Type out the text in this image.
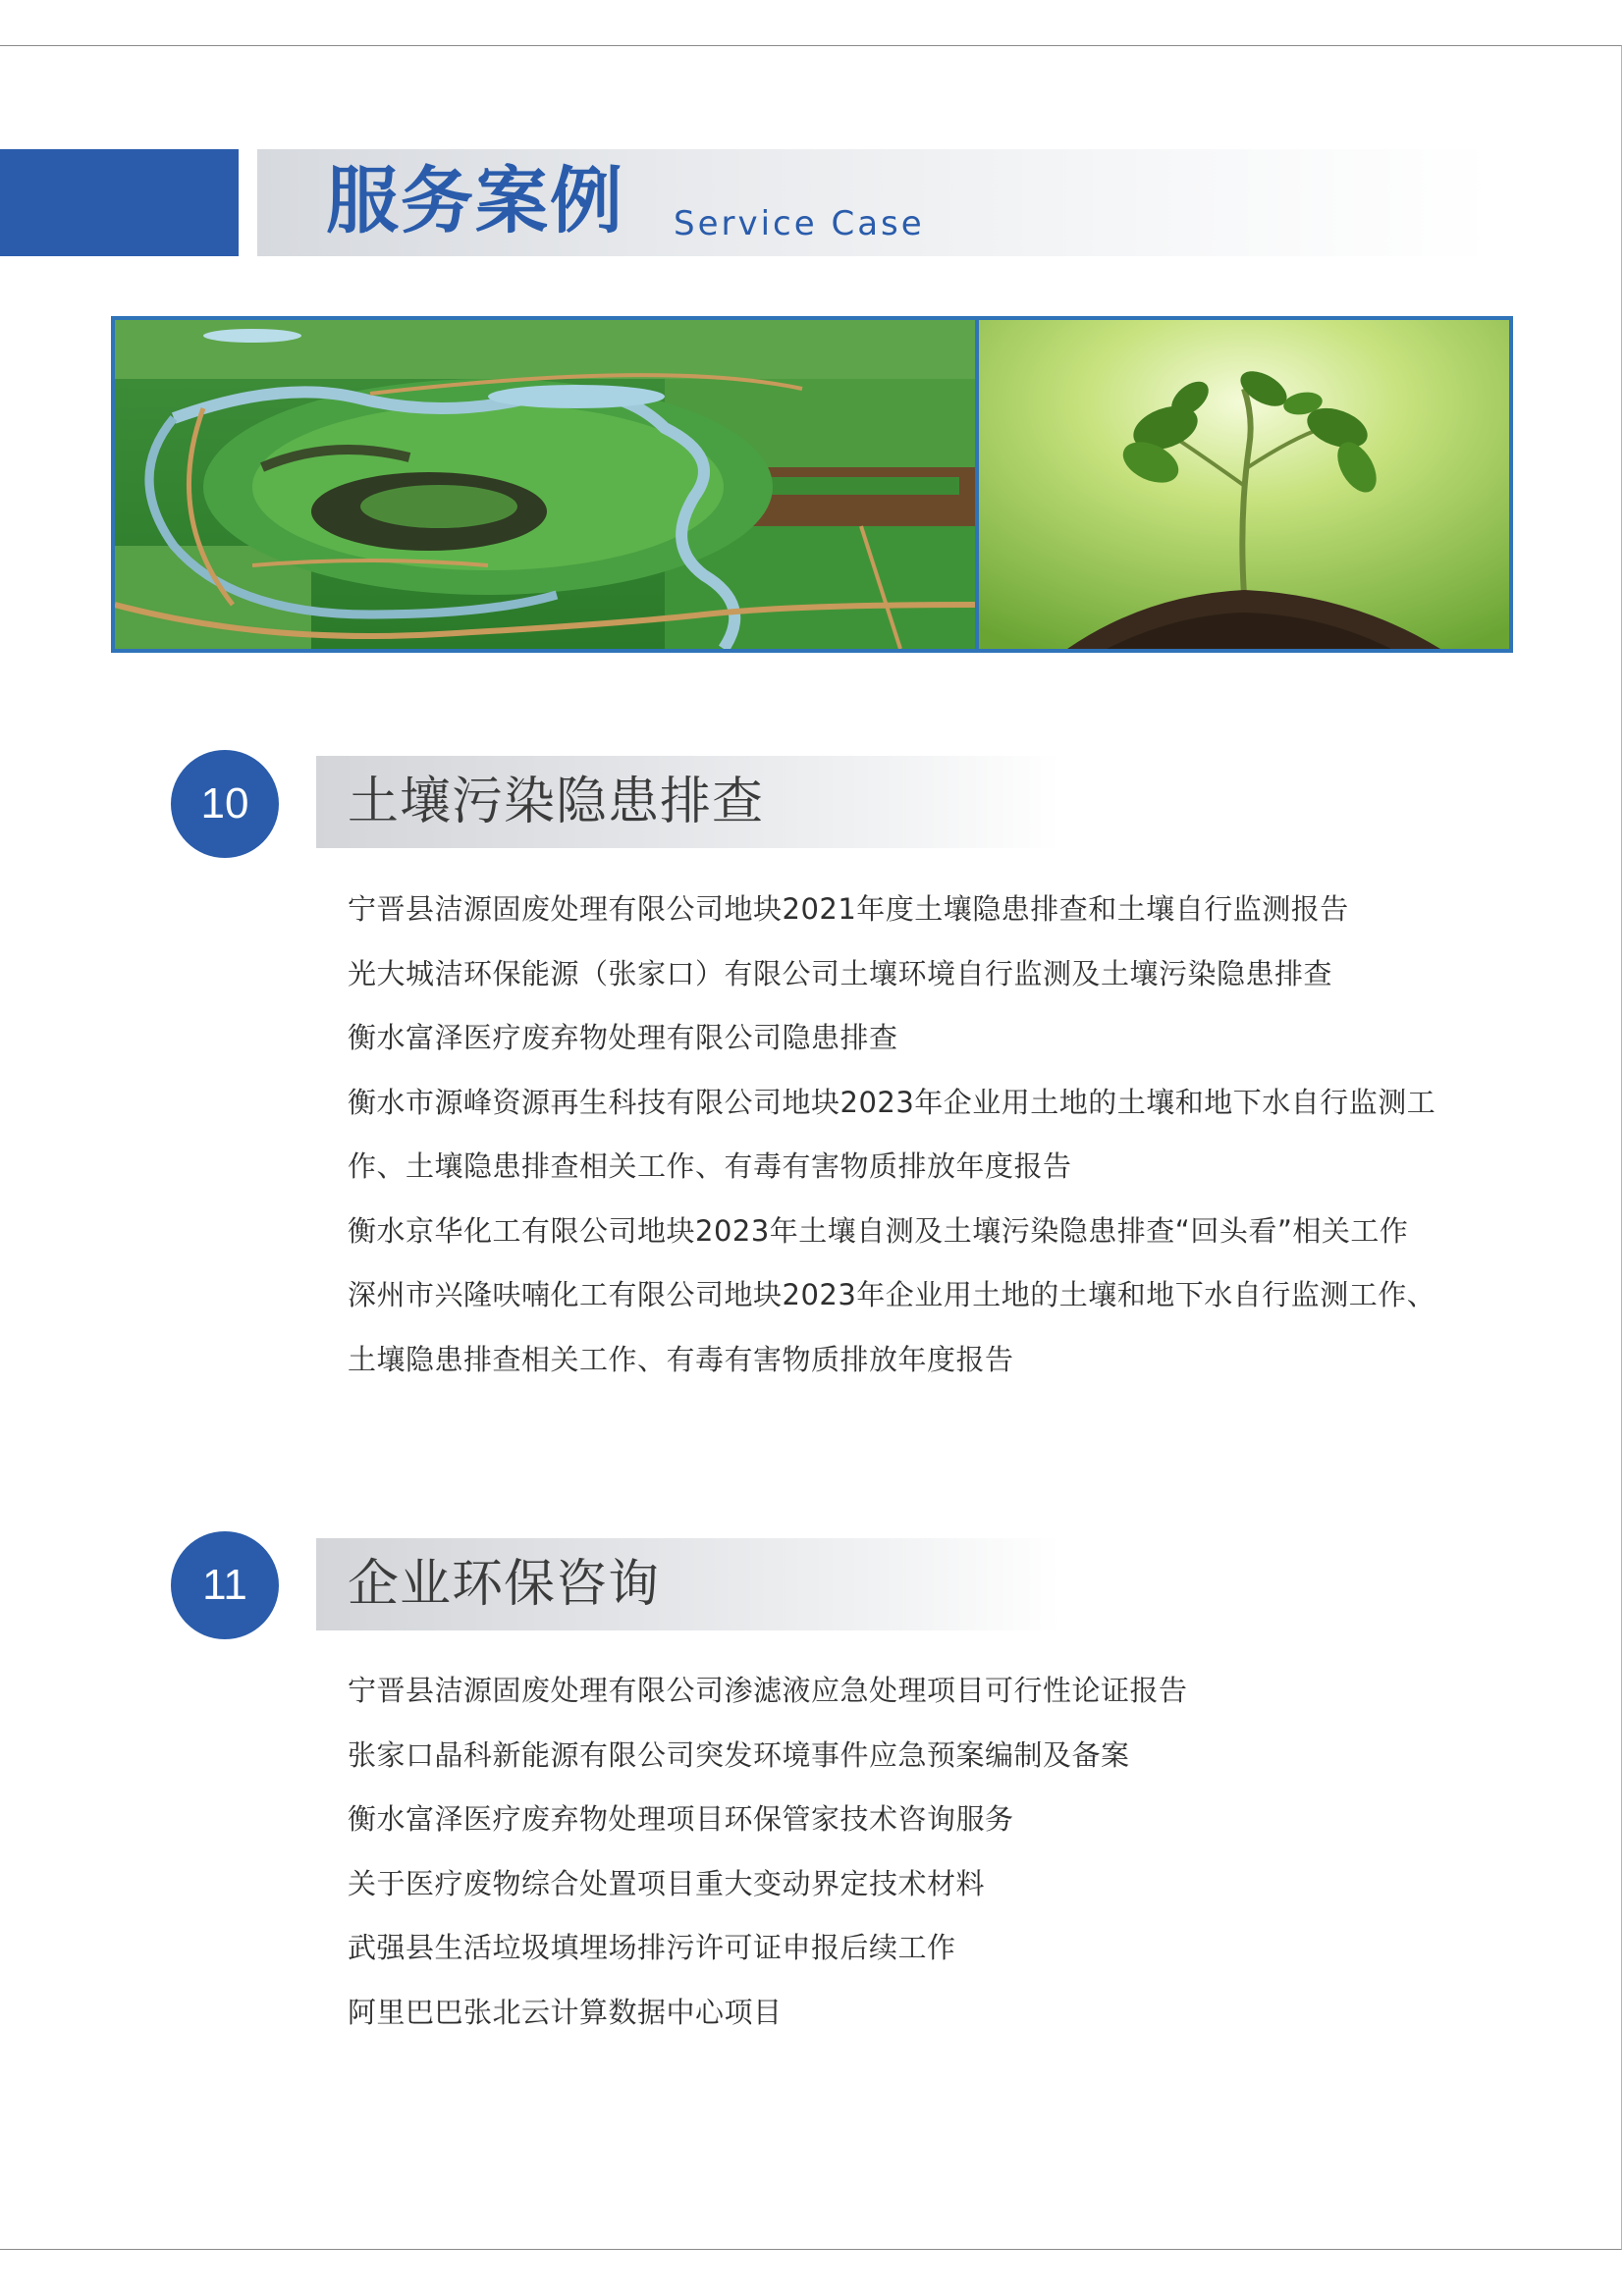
服务案例 Service Case
10	土壤污染隐患排查
宁晋县洁源固废处理有限公司地块2021年度土壤隐患排查和土壤自行监测报告
光大城洁环保能源（张家口）有限公司土壤环境自行监测及土壤污染隐患排查
衡水富泽医疗废弃物处理有限公司隐患排查
衡水市源峰资源再生科技有限公司地块2023年企业用土地的土壤和地下水自行监测工
作、土壤隐患排查相关工作、有毒有害物质排放年度报告
衡水京华化工有限公司地块2023年土壤自测及土壤污染隐患排查“回头看”相关工作
深州市兴隆呋喃化工有限公司地块2023年企业用土地的土壤和地下水自行监测工作、
土壤隐患排查相关工作、有毒有害物质排放年度报告
11	企业环保咨询
宁晋县洁源固废处理有限公司渗滤液应急处理项目可行性论证报告
张家口晶科新能源有限公司突发环境事件应急预案编制及备案
衡水富泽医疗废弃物处理项目环保管家技术咨询服务
关于医疗废物综合处置项目重大变动界定技术材料
武强县生活垃圾填埋场排污许可证申报后续工作
阿里巴巴张北云计算数据中心项目
